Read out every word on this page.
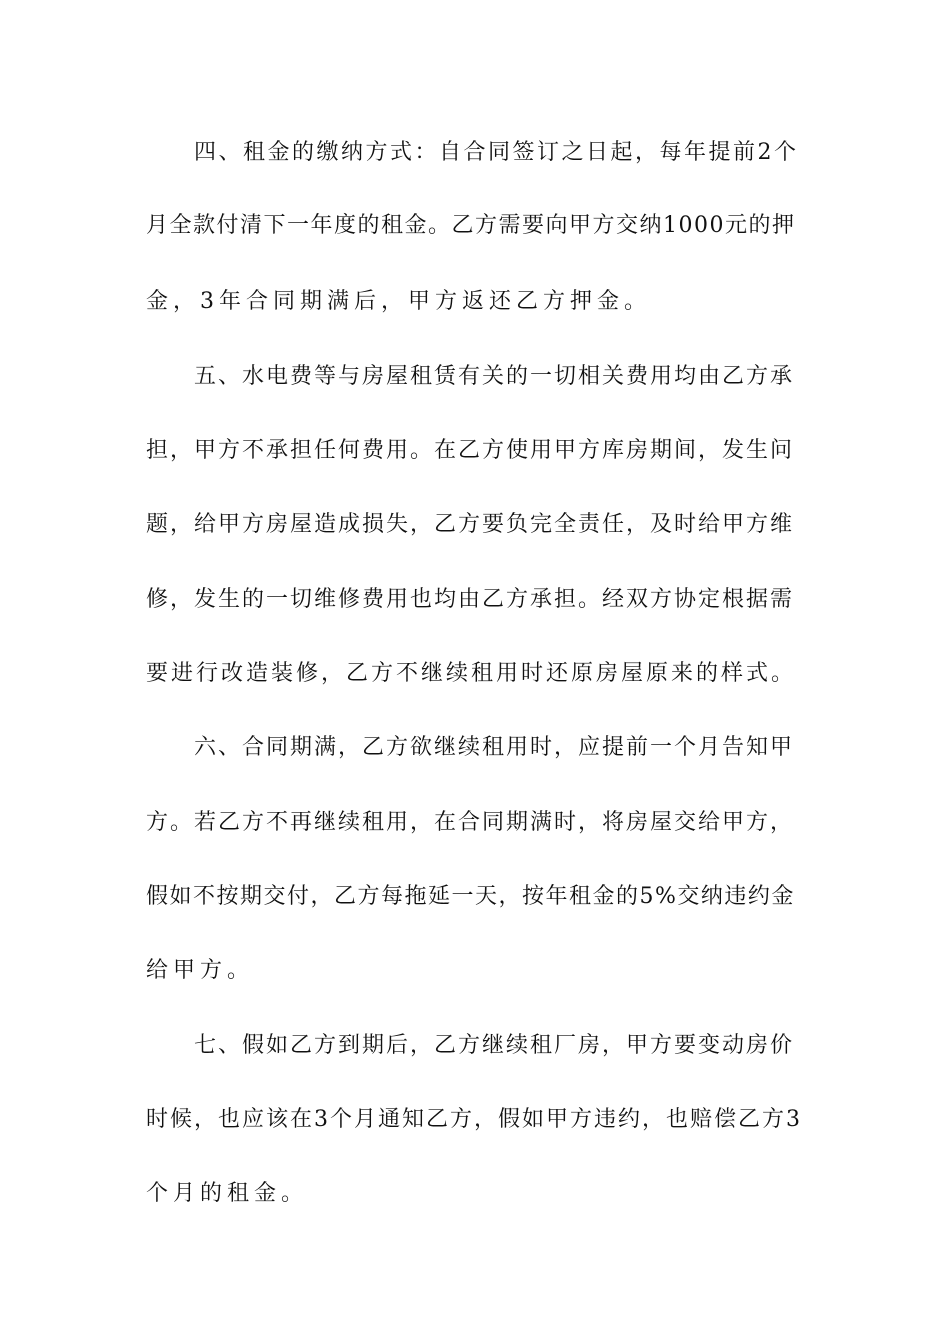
四、租金的缴纳方式：自合同签订之日起，每年提前2个
月全款付清下一年度的租金。乙方需要向甲方交纳1000元的押
金，3年合同期满后，甲方返还乙方押金。
五、水电费等与房屋租赁有关的一切相关费用均由乙方承
担，甲方不承担任何费用。在乙方使用甲方库房期间，发生问
题，给甲方房屋造成损失，乙方要负完全责任，及时给甲方维
修，发生的一切维修费用也均由乙方承担。经双方协定根据需
要进行改造装修，乙方不继续租用时还原房屋原来的样式。
六、合同期满，乙方欲继续租用时，应提前一个月告知甲
方。若乙方不再继续租用，在合同期满时，将房屋交给甲方，
假如不按期交付，乙方每拖延一天，按年租金的5%交纳违约金
给甲方。
七、假如乙方到期后，乙方继续租厂房，甲方要变动房价
时候，也应该在3个月通知乙方，假如甲方违约，也赔偿乙方3
个月的租金。
